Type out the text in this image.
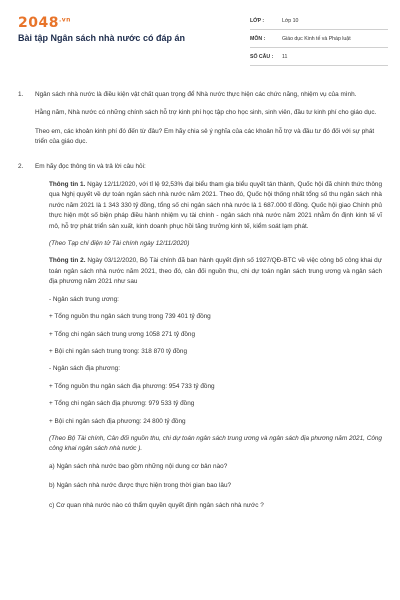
$2048^{.vn}$
Bài tập Ngân sách nhà nước có đáp án
LỚP :	Lớp 10
MÔN :	Giáo dục Kinh tế và Pháp luật
SỐ CÂU :	11
1. Ngân sách nhà nước là điều kiện vật chất quan trọng để Nhà nước thực hiện các chức năng, nhiệm vụ của mình.

Hằng năm, Nhà nước có những chính sách hỗ trợ kinh phí học tập cho học sinh, sinh viên, đầu tư kinh phí cho giáo dục.

Theo em, các khoản kinh phí đó đến từ đâu? Em hãy chia sẻ ý nghĩa của các khoản hỗ trợ và đầu tư đó đối với sự phát triển của giáo dục.

2. Em hãy đọc thông tin và trả lời câu hỏi:

Thông tin 1. Ngày 12/11/2020, với tỉ lệ 92,53% đại biểu tham gia biểu quyết tán thành, Quốc hội đã chính thức thông qua Nghị quyết về dự toán ngân sách nhà nước năm 2021. Theo đó, Quốc hội thống nhất tổng số thu ngân sách nhà nước năm 2021 là 1 343 330 tỷ đồng, tổng số chi ngân sách nhà nước là 1 687.000 tỉ đồng. Quốc hội giao Chính phủ thực hiện một số biện pháp điều hành nhiệm vụ tài chính - ngân sách nhà nước năm 2021 nhằm ổn định kinh tế vĩ mô, hỗ trợ phát triển sản xuất, kinh doanh phục hồi tăng trưởng kinh tế, kiểm soát lạm phát.

(Theo Tạp chí điện tử Tài chính ngày 12/11/2020)

Thông tin 2. Ngày 03/12/2020, Bộ Tài chính đã ban hành quyết định số 1927/QĐ-BTC về việc công bố công khai dự toán ngân sách nhà nước năm 2021, theo đó, cân đối nguồn thu, chi dự toán ngân sách trung ương và ngân sách địa phương năm 2021 như sau

- Ngân sách trung ương:
+ Tổng nguồn thu ngân sách trung trong 739 401 tỷ đồng
+ Tổng chi ngân sách trung ương 1058 271 tỷ đồng
+ Bội chi ngân sách trung trong: 318 870 tỷ đồng
- Ngân sách địa phương:
+ Tổng nguồn thu ngân sách địa phương: 954 733 tỷ đồng
+ Tổng chi ngân sách địa phương: 979 533 tỷ đồng
+ Bội chi ngân sách địa phương: 24 800 tỷ đồng

(Theo Bộ Tài chính, Cân đối nguồn thu, chi dự toán ngân sách trung ương và ngân sách địa phương năm 2021, Công công khai ngân sách nhà nước ).

a) Ngân sách nhà nước bao gồm những nội dung cơ bản nào?
b) Ngân sách nhà nước được thực hiện trong thời gian bao lâu?
c) Cơ quan nhà nước nào có thẩm quyền quyết định ngân sách nhà nước ?
